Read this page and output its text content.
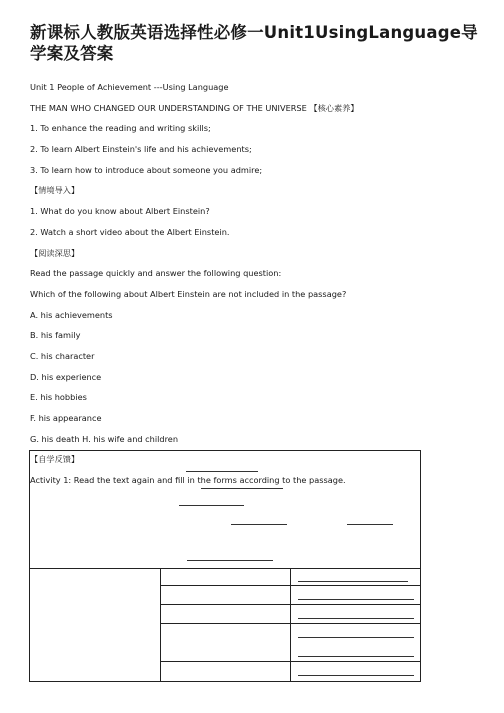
新课标人教版英语选择性必修一Unit1UsingLanguage导学案及答案
Unit 1 People of Achievement ---Using Language
THE MAN WHO CHANGED OUR UNDERSTANDING OF THE UNIVERSE 【核心素养】
1. To enhance the reading and writing skills;
2. To learn Albert Einstein's life and his achievements;
3. To learn how to introduce about someone you admire;
【情境导入】
1. What do you know about Albert Einstein?
2. Watch a short video about the Albert Einstein.
【阅读深思】
Read the passage quickly and answer the following question:
Which of the following about Albert Einstein are not included in the passage?
A. his achievements
B. his family
C. his character
D. his experience
E. his hobbies
F. his appearance
G. his death H. his wife and children
【自学反馈】
Activity 1: Read the text again and fill in the forms according to the passage.
